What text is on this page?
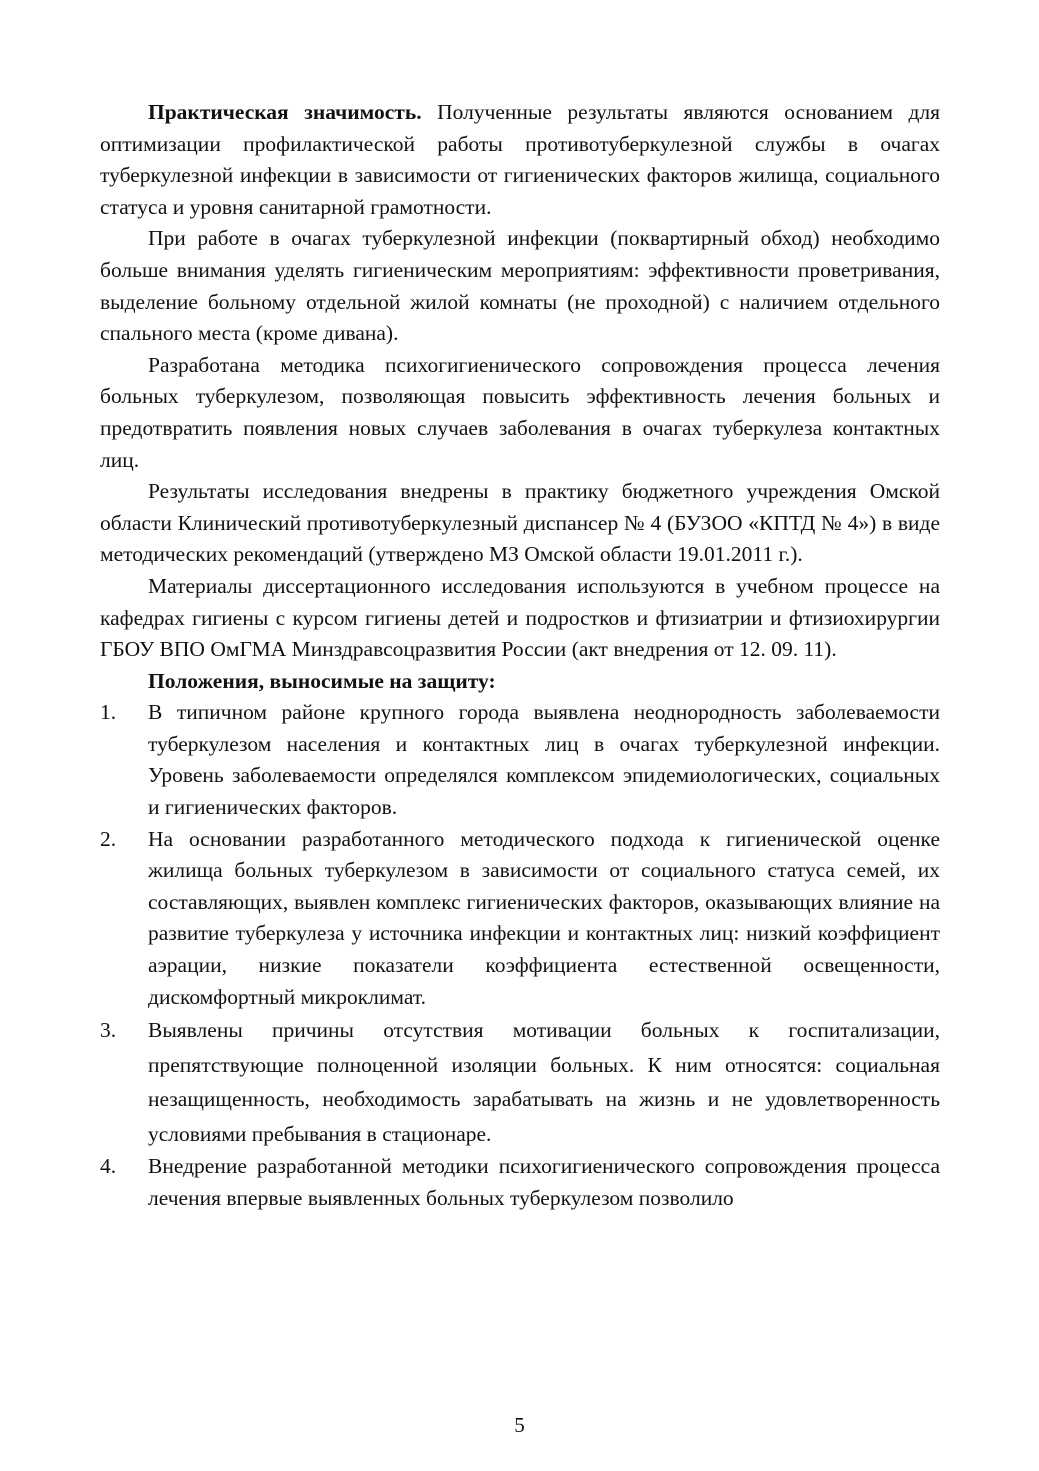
Практическая значимость. Полученные результаты являются основанием для оптимизации профилактической работы противотуберкулезной службы в очагах туберкулезной инфекции в зависимости от гигиенических факторов жилища, социального статуса и уровня санитарной грамотности.

При работе в очагах туберкулезной инфекции (поквартирный обход) необходимо больше внимания уделять гигиеническим мероприятиям: эффективности проветривания, выделение больному отдельной жилой комнаты (не проходной) с наличием отдельного спального места (кроме дивана).

Разработана методика психогигиенического сопровождения процесса лечения больных туберкулезом, позволяющая повысить эффективность лечения больных и предотвратить появления новых случаев заболевания в очагах туберкулеза контактных лиц.

Результаты исследования внедрены в практику бюджетного учреждения Омской области Клинический противотуберкулезный диспансер № 4 (БУЗОО «КПТД № 4») в виде методических рекомендаций (утверждено МЗ Омской области 19.01.2011 г.).

Материалы диссертационного исследования используются в учебном процессе на кафедрах гигиены с курсом гигиены детей и подростков и фтизиатрии и фтизиохирургии ГБОУ ВПО ОмГМА Минздравсоцразвития России (акт внедрения от 12. 09. 11).

Положения, выносимые на защиту:

1. В типичном районе крупного города выявлена неоднородность заболеваемости туберкулезом населения и контактных лиц в очагах туберкулезной инфекции. Уровень заболеваемости определялся комплексом эпидемиологических, социальных и гигиенических факторов.
2. На основании разработанного методического подхода к гигиенической оценке жилища больных туберкулезом в зависимости от социального статуса семей, их составляющих, выявлен комплекс гигиенических факторов, оказывающих влияние на развитие туберкулеза у источника инфекции и контактных лиц: низкий коэффициент аэрации, низкие показатели коэффициента естественной освещенности, дискомфортный микроклимат.
3. Выявлены причины отсутствия мотивации больных к госпитализации, препятствующие полноценной изоляции больных. К ним относятся: социальная незащищенность, необходимость зарабатывать на жизнь и не удовлетворенность условиями пребывания в стационаре.
4. Внедрение разработанной методики психогигиенического сопровождения процесса лечения впервые выявленных больных туберкулезом позволило
5
